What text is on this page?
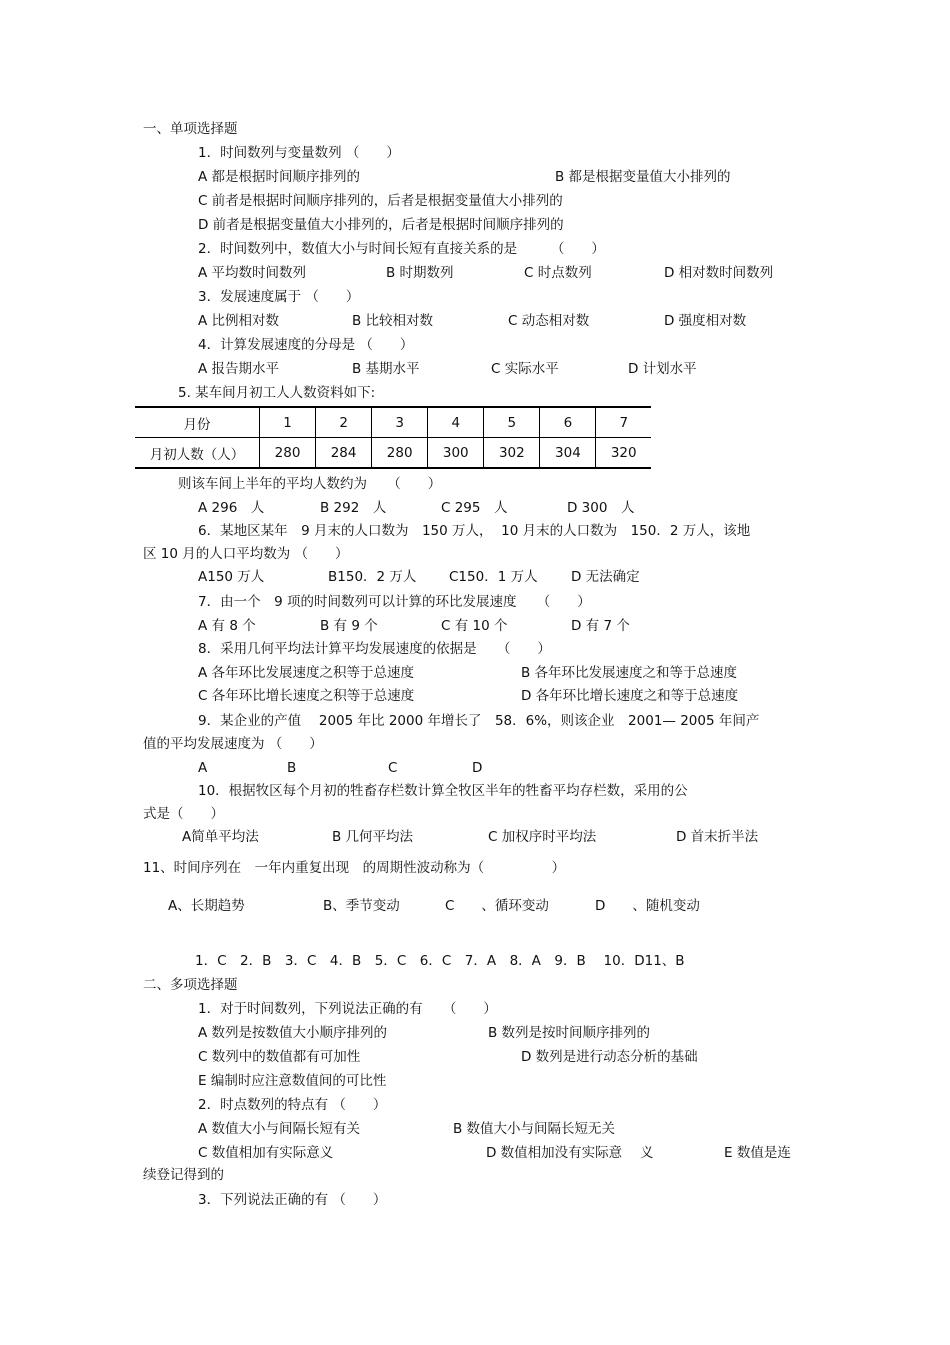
一、单项选择题
1．时间数列与变量数列 （　　）
A 都是根据时间顺序排列的	B 都是根据变量值大小排列的
C 前者是根据时间顺序排列的，后者是根据变量值大小排列的
D 前者是根据变量值大小排列的，后者是根据时间顺序排列的
2．时间数列中，数值大小与时间长短有直接关系的是　　　（　　）
A 平均数时间数列	B 时期数列	C 时点数列	D 相对数时间数列
3．发展速度属于 （　　）
A 比例相对数	B 比较相对数	C 动态相对数	D 强度相对数
4．计算发展速度的分母是 （　　）
A 报告期水平	B 基期水平	C 实际水平	D 计划水平
5. 某车间月初工人人数资料如下:
月份	1	2	3	4	5	6	7
月初人数（人）	280	284	280	300	302	304	320
则该车间上半年的平均人数约为　　（　　）
A 296　人	B 292　人	C 295　人	D 300　人
6．某地区某年　9 月末的人口数为　150 万人，  10 月末的人口数为　150．2 万人，该地
区 10 月的人口平均数为 （　　）
A150 万人	B150．2 万人 C150．1 万人 D 无法确定
7．由一个　9 项的时间数列可以计算的环比发展速度　　（　　）
A 有 8 个	B 有 9 个	C 有 10 个	D 有 7 个
8．采用几何平均法计算平均发展速度的依据是　　（　　）
A 各年环比发展速度之积等于总速度	B 各年环比发展速度之和等于总速度
C 各年环比增长速度之积等于总速度	D 各年环比增长速度之和等于总速度
9．某企业的产值　 2005 年比 2000 年增长了　58．6%，则该企业　2001— 2005 年间产
值的平均发展速度为 （　　）
A	B	C	D
10．根据牧区每个月初的牲畜存栏数计算全牧区半年的牲畜平均存栏数，采用的公
式是（　　）
A简单平均法	B 几何平均法	C 加权序时平均法	D 首末折半法
11、时间序列在　一年内重复出现　的周期性波动称为（　　　　　）
A、长期趋势	B、季节变动	C　　、循环变动	D　　、随机变动
1．C　2．B　3．C　4．B　5．C　6．C　7．A　8．A　9．B　 10．D11、B
二、多项选择题
1．对于时间数列，下列说法正确的有　　（　　）
A 数列是按数值大小顺序排列的	B 数列是按时间顺序排列的
C 数列中的数值都有可加性	D 数列是进行动态分析的基础
E 编制时应注意数值间的可比性
2．时点数列的特点有 （　　）
A 数值大小与间隔长短有关	B 数值大小与间隔长短无关
C 数值相加有实际意义	D 数值相加没有实际意　 义	E 数值是连
续登记得到的
3．下列说法正确的有 （　　）
